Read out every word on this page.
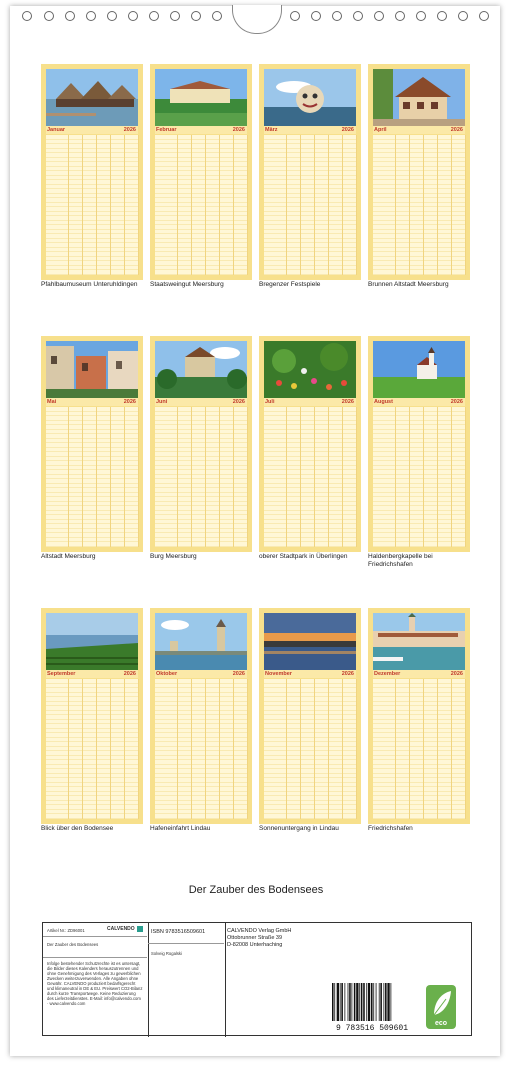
Januar	2026
Pfahlbaumuseum Unteruhldingen
Februar	2026
Staatsweingut Meersburg
März	2026
Bregenzer Festspiele
April	2026
Brunnen Altstadt Meersburg
Mai	2026
Altstadt Meersburg
Juni	2026
Burg Meersburg
Juli	2026
oberer Stadtpark in Überlingen
August	2026
Haldenbergkapelle bei Friedrichshafen
September	2026
Blick über den Bodensee
Oktober	2026
Hafeneinfahrt Lindau
November	2026
Sonnenuntergang in Lindau
Dezember	2026
Friedrichshafen
Der Zauber des Bodensees
Artikel Nr.: ZD96001	CALVENDO
Der Zauber des Bodensees
Infolge bestehender Schutzrechte ist es untersagt, die Bilder dieses Kalenders herauszutrennen und ohne Genehmigung des Verlages zu gewerblichen Zwecken weiterzuverwenden. Alle Angaben ohne Gewähr. CALVENDO produziert bedarfsgerecht und klimaneutral in DE & EU. Preiswert CO2-Bilanz durch kurze Transportwege. Keine Reduzierung des Lieferzeitdienstes. E-Mail: info@calvendo.com · www.calvendo.com
ISBN 9783516509601
Solveig Rogalski
CALVENDO Verlag GmbH
Ottobrunner Straße 39
D-82008 Unterhaching
9 783516 509601
eco
